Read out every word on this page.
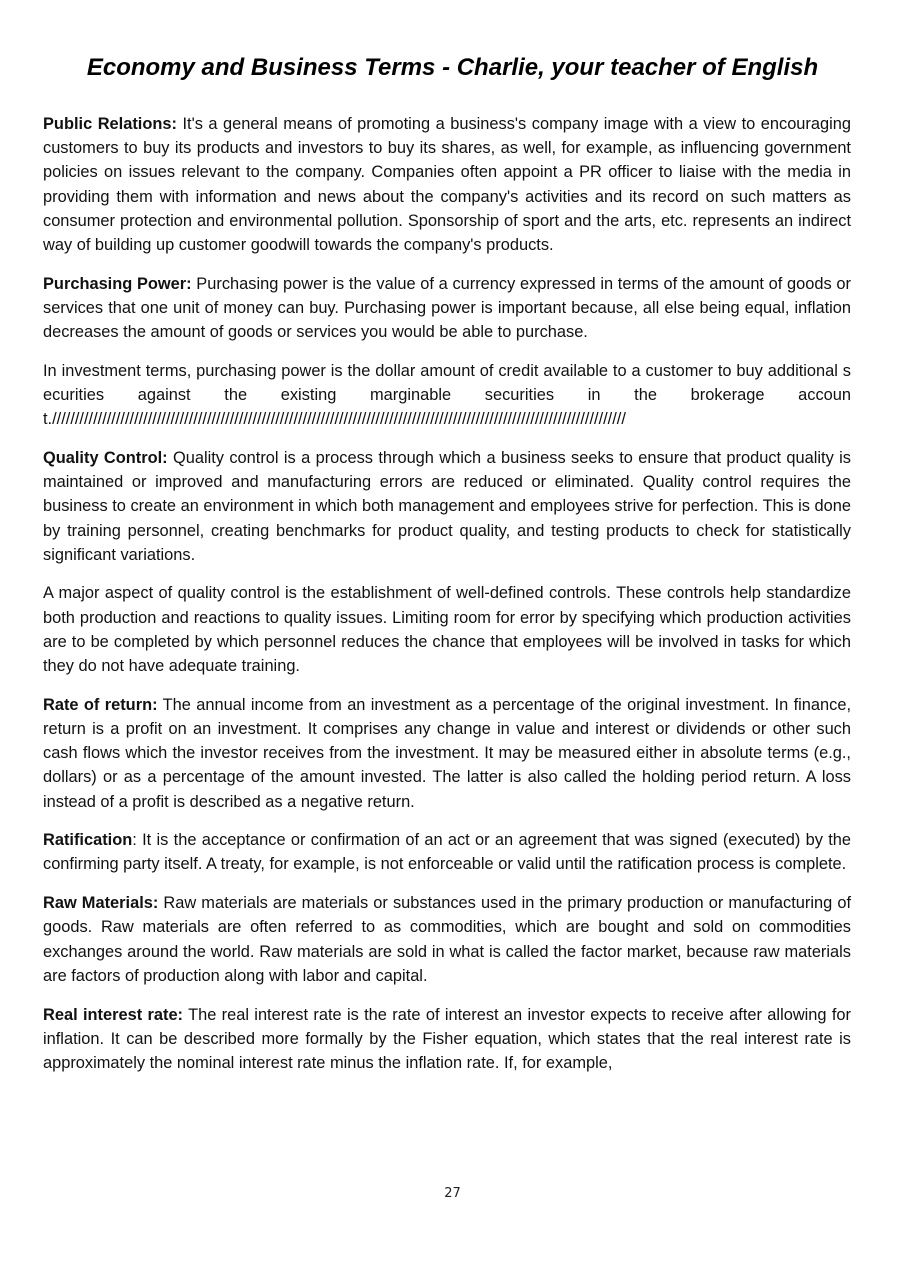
Economy and Business Terms - Charlie, your teacher of English

Public Relations: It's a general means of promoting a business's company image with a view to encouraging customers to buy its products and investors to buy its shares, as well, for example, as influencing government policies on issues relevant to the company. Companies often appoint a PR officer to liaise with the media in providing them with information and news about the company's activities and its record on such matters as consumer protection and environmental pollution. Sponsorship of sport and the arts, etc. represents an indirect way of building up customer goodwill towards the company's products.

Purchasing Power: Purchasing power is the value of a currency expressed in terms of the amount of goods or services that one unit of money can buy. Purchasing power is important because, all else being equal, inflation decreases the amount of goods or services you would be able to purchase.

In investment terms, purchasing power is the dollar amount of credit available to a customer to buy additional securities against the existing marginable securities in the brokerage account.//////////////////////////////////////////////////////////////////////////////////////////////////////////////////////////////

Quality Control: Quality control is a process through which a business seeks to ensure that product quality is maintained or improved and manufacturing errors are reduced or eliminated. Quality control requires the business to create an environment in which both management and employees strive for perfection. This is done by training personnel, creating benchmarks for product quality, and testing products to check for statistically significant variations.

A major aspect of quality control is the establishment of well-defined controls. These controls help standardize both production and reactions to quality issues. Limiting room for error by specifying which production activities are to be completed by which personnel reduces the chance that employees will be involved in tasks for which they do not have adequate training.

Rate of return: The annual income from an investment as a percentage of the original investment. In finance, return is a profit on an investment. It comprises any change in value and interest or dividends or other such cash flows which the investor receives from the investment. It may be measured either in absolute terms (e.g., dollars) or as a percentage of the amount invested. The latter is also called the holding period return. A loss instead of a profit is described as a negative return.

Ratification: It is the acceptance or confirmation of an act or an agreement that was signed (executed) by the confirming party itself. A treaty, for example, is not enforceable or valid until the ratification process is complete.

Raw Materials: Raw materials are materials or substances used in the primary production or manufacturing of goods. Raw materials are often referred to as commodities, which are bought and sold on commodities exchanges around the world. Raw materials are sold in what is called the factor market, because raw materials are factors of production along with labor and capital.

Real interest rate: The real interest rate is the rate of interest an investor expects to receive after allowing for inflation. It can be described more formally by the Fisher equation, which states that the real interest rate is approximately the nominal interest rate minus the inflation rate. If, for example,

27
